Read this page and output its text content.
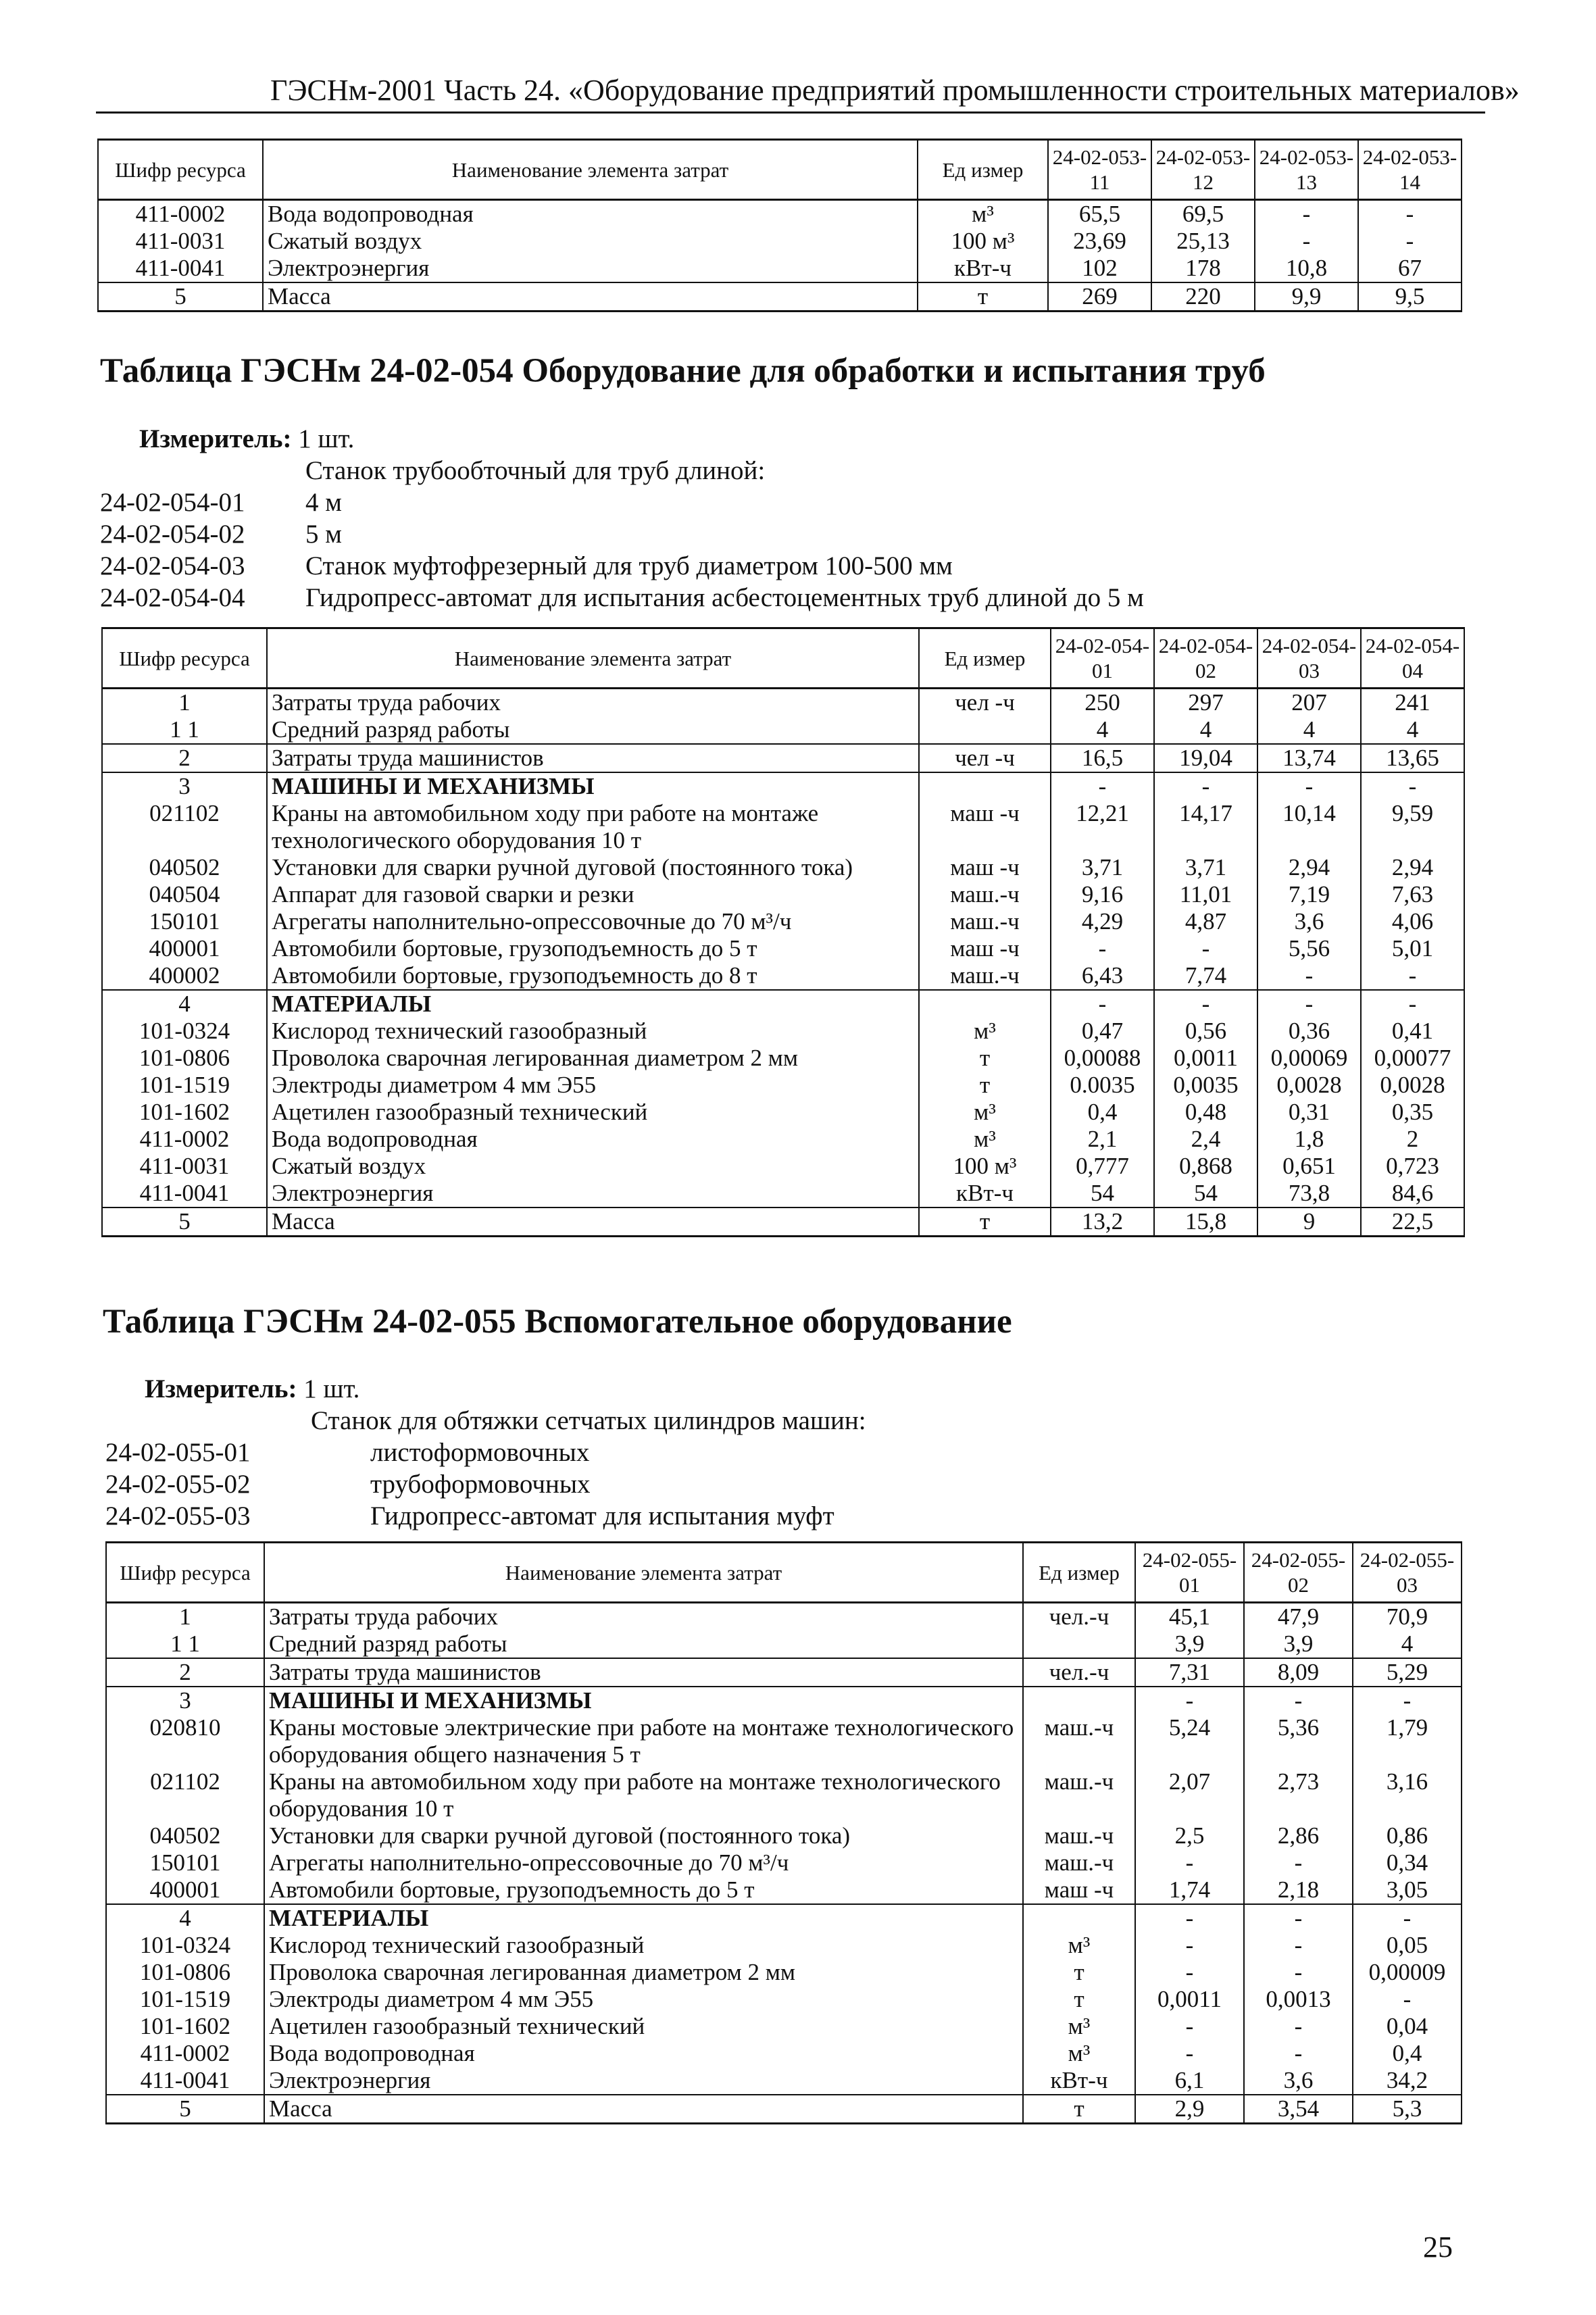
ГЭСНм-2001 Часть 24. «Оборудование предприятий промышленности строительных материалов»
Шифр ресурса	Наименование элемента затрат	Ед измер	24-02-053-11	24-02-053-12	24-02-053-13	24-02-053-14
411-0002	Вода водопроводная	м³	65,5	69,5	-	-
411-0031	Сжатый воздух	100 м³	23,69	25,13	-	-
411-0041	Электроэнергия	кВт-ч	102	178	10,8	67
5	Масса	т	269	220	9,9	9,5
Таблица ГЭСНм 24-02-054 Оборудование для обработки и испытания труб
Измеритель: 1 шт.
Станок трубообточный для труб длиной:
24-02-054-01 4 м
24-02-054-02 5 м
24-02-054-03 Станок муфтофрезерный для труб диаметром 100-500 мм
24-02-054-04 Гидропресс-автомат для испытания асбестоцементных труб длиной до 5 м
Шифр ресурса	Наименование элемента затрат	Ед измер	24-02-054-01	24-02-054-02	24-02-054-03	24-02-054-04
1	Затраты труда рабочих	чел -ч	250	297	207	241
1 1	Средний разряд работы		4	4	4	4
2	Затраты труда машинистов	чел -ч	16,5	19,04	13,74	13,65
3	МАШИНЫ И МЕХАНИЗМЫ		-	-	-	-
021102	Краны на автомобильном ходу при работе на монтаже технологического оборудования 10 т	маш -ч	12,21	14,17	10,14	9,59
040502	Установки для сварки ручной дуговой (постоянного тока)	маш -ч	3,71	3,71	2,94	2,94
040504	Аппарат для газовой сварки и резки	маш.-ч	9,16	11,01	7,19	7,63
150101	Агрегаты наполнительно-опрессовочные до 70 м³/ч	маш.-ч	4,29	4,87	3,6	4,06
400001	Автомобили бортовые, грузоподъемность до 5 т	маш -ч	-	-	5,56	5,01
400002	Автомобили бортовые, грузоподъемность до 8 т	маш.-ч	6,43	7,74	-	-
4	МАТЕРИАЛЫ		-	-	-	-
101-0324	Кислород технический газообразный	м³	0,47	0,56	0,36	0,41
101-0806	Проволока сварочная легированная диаметром 2 мм	т	0,00088	0,0011	0,00069	0,00077
101-1519	Электроды диаметром 4 мм Э55	т	0.0035	0,0035	0,0028	0,0028
101-1602	Ацетилен газообразный технический	м³	0,4	0,48	0,31	0,35
411-0002	Вода водопроводная	м³	2,1	2,4	1,8	2
411-0031	Сжатый воздух	100 м³	0,777	0,868	0,651	0,723
411-0041	Электроэнергия	кВт-ч	54	54	73,8	84,6
5	Масса	т	13,2	15,8	9	22,5
Таблица ГЭСНм 24-02-055 Вспомогательное оборудование
Измеритель: 1 шт.
Станок для обтяжки сетчатых цилиндров машин:
24-02-055-01	листоформовочных
24-02-055-02	трубоформовочных
24-02-055-03	Гидропресс-автомат для испытания муфт
Шифр ресурса	Наименование элемента затрат	Ед измер	24-02-055-01	24-02-055-02	24-02-055-03
1	Затраты труда рабочих	чел.-ч	45,1	47,9	70,9
1 1	Средний разряд работы		3,9	3,9	4
2	Затраты труда машинистов	чел.-ч	7,31	8,09	5,29
3	МАШИНЫ И МЕХАНИЗМЫ		-	-	-
020810	Краны мостовые электрические при работе на монтаже технологического оборудования общего назначения 5 т	маш.-ч	5,24	5,36	1,79
021102	Краны на автомобильном ходу при работе на монтаже технологического оборудования 10 т	маш.-ч	2,07	2,73	3,16
040502	Установки для сварки ручной дуговой (постоянного тока)	маш.-ч	2,5	2,86	0,86
150101	Агрегаты наполнительно-опрессовочные до 70 м³/ч	маш.-ч	-	-	0,34
400001	Автомобили бортовые, грузоподъемность до 5 т	маш -ч	1,74	2,18	3,05
4	МАТЕРИАЛЫ		-	-	-
101-0324	Кислород технический газообразный	м³	-	-	0,05
101-0806	Проволока сварочная легированная диаметром 2 мм	т	-	-	0,00009
101-1519	Электроды диаметром 4 мм Э55	т	0,0011	0,0013	-
101-1602	Ацетилен газообразный технический	м³	-	-	0,04
411-0002	Вода водопроводная	м³	-	-	0,4
411-0041	Электроэнергия	кВт-ч	6,1	3,6	34,2
5	Масса	т	2,9	3,54	5,3
25
